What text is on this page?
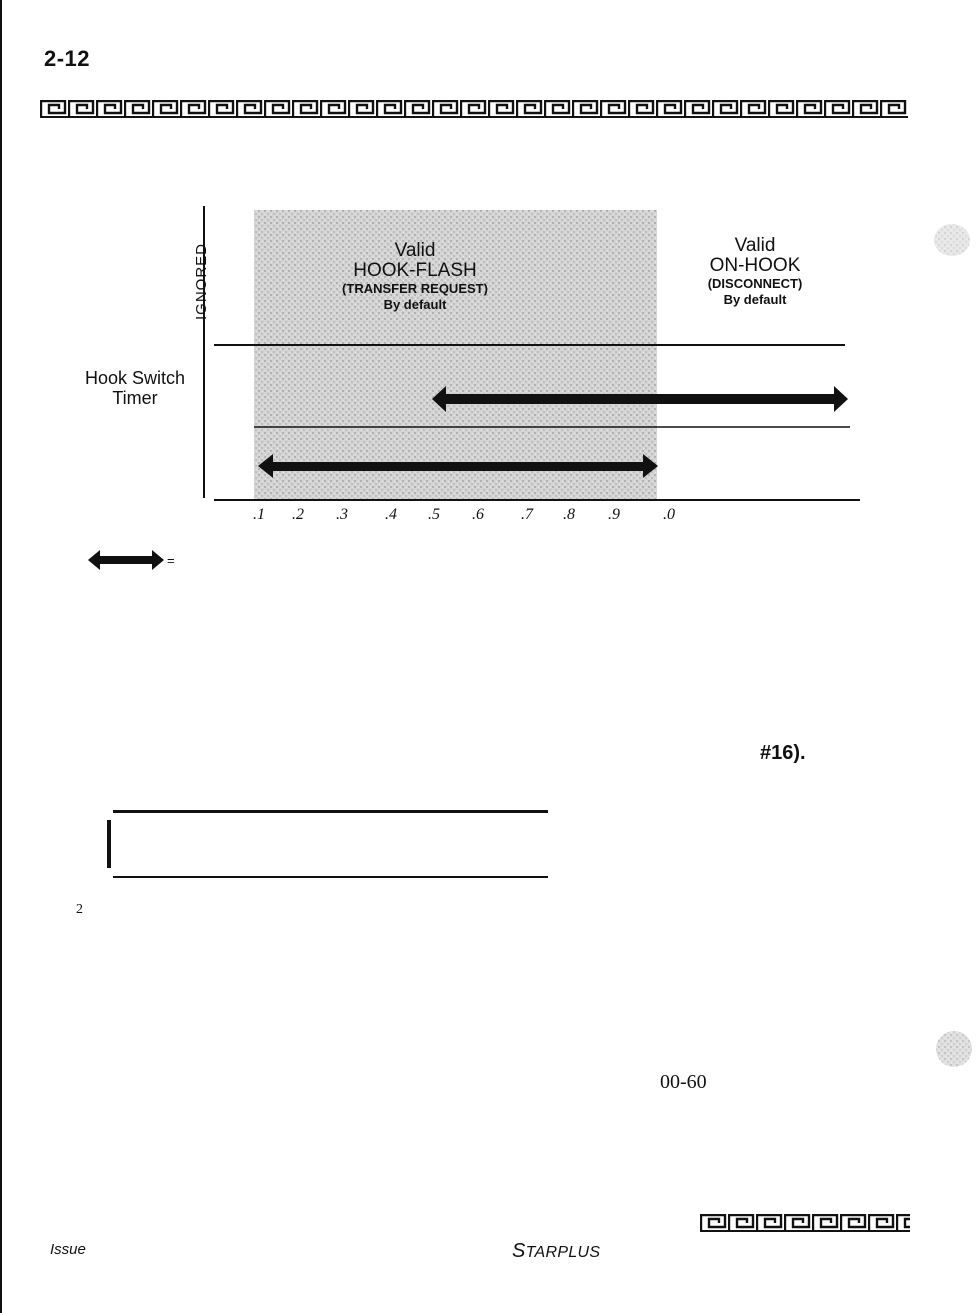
2-12
IGNORED	Valid
HOOK-FLASH
(TRANSFER REQUEST)
By default
Valid
ON-HOOK
(DISCONNECT)
By default
Hook Switch
Timer
.1 .2 .3 .4 .5 .6 .7 .8 .9	.0
=
#16).
2
00-60
Issue	STARPLUS
